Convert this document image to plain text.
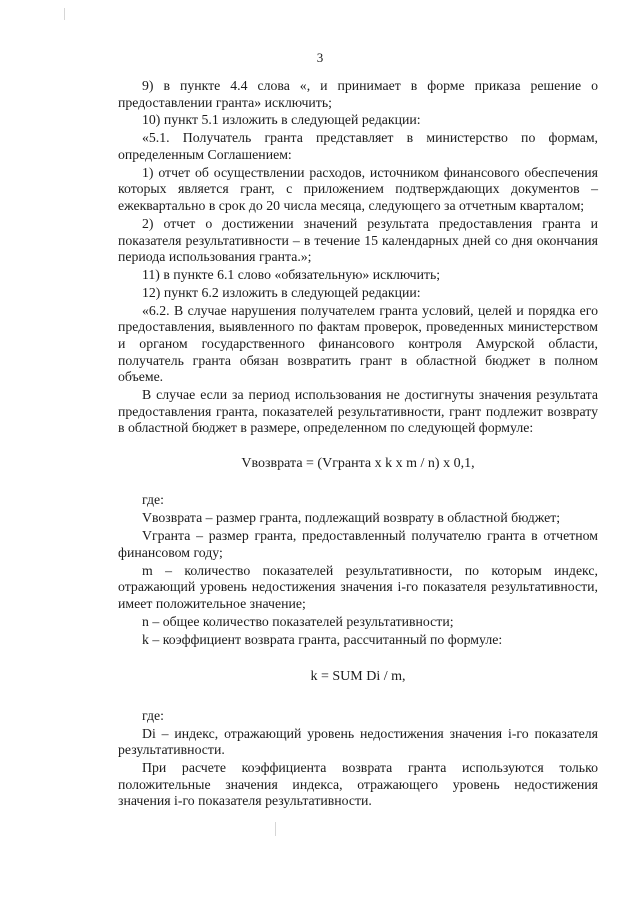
3

9) в пункте 4.4 слова «, и принимает в форме приказа решение о предоставлении гранта» исключить;

10) пункт 5.1 изложить в следующей редакции:

«5.1. Получатель гранта представляет в министерство по формам, определенным Соглашением:

1) отчет об осуществлении расходов, источником финансового обеспечения которых является грант, с приложением подтверждающих документов – ежеквартально в срок до 20 числа месяца, следующего за отчетным кварталом;

2) отчет о достижении значений результата предоставления гранта и показателя результативности – в течение 15 календарных дней со дня окончания периода использования гранта.»;

11) в пункте 6.1 слово «обязательную» исключить;

12) пункт 6.2 изложить в следующей редакции:

«6.2. В случае нарушения получателем гранта условий, целей и порядка его предоставления, выявленного по фактам проверок, проведенных министерством и органом государственного финансового контроля Амурской области, получатель гранта обязан возвратить грант в областной бюджет в полном объеме.

В случае если за период использования не достигнуты значения результата предоставления гранта, показателей результативности, грант подлежит возврату в областной бюджет в размере, определенном по следующей формуле:

Vвозврата = (Vгранта x k x m / n) x 0,1,

где:

Vвозврата – размер гранта, подлежащий возврату в областной бюджет;

Vгранта – размер гранта, предоставленный получателю гранта в отчетном финансовом году;

m – количество показателей результативности, по которым индекс, отражающий уровень недостижения значения i-го показателя результативности, имеет положительное значение;

n – общее количество показателей результативности;

k – коэффициент возврата гранта, рассчитанный по формуле:

k = SUM Di / m,

где:

Di – индекс, отражающий уровень недостижения значения i-го показателя результативности.

При расчете коэффициента возврата гранта используются только положительные значения индекса, отражающего уровень недостижения значения i-го показателя результативности.
